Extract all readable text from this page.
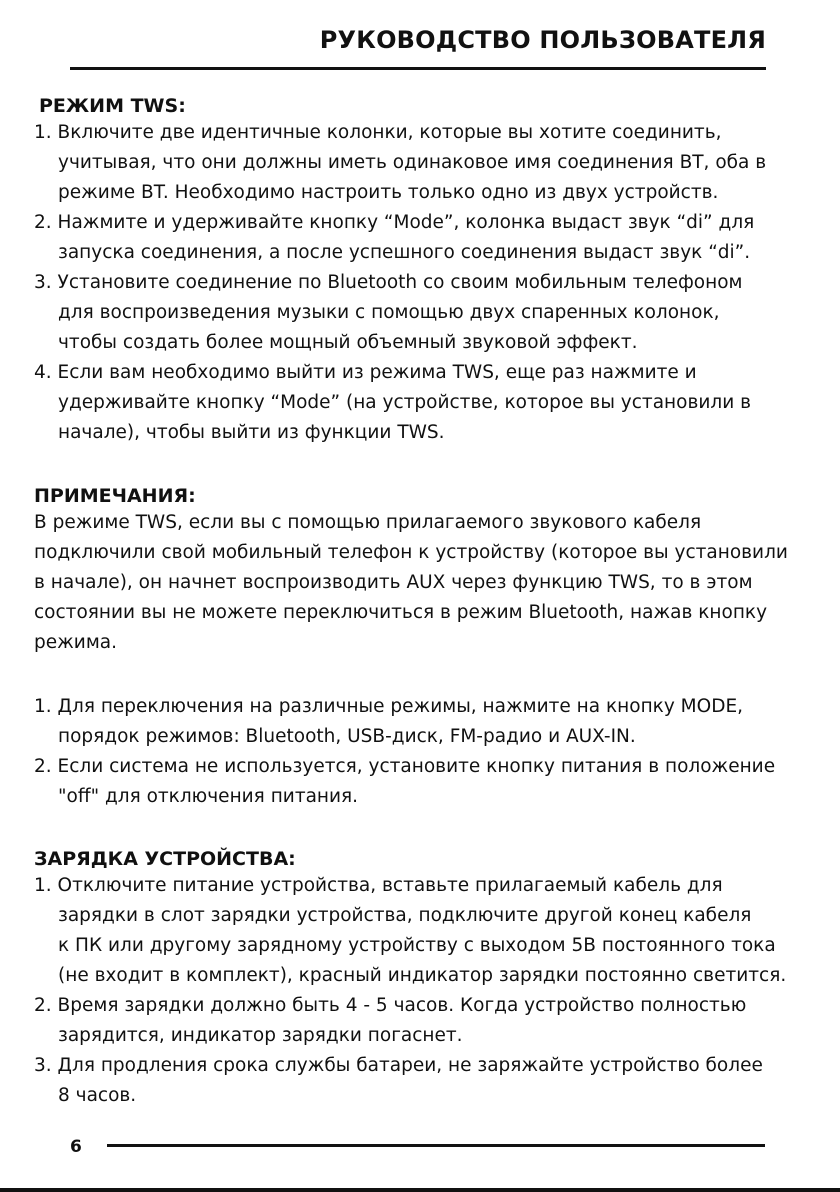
РУКОВОДСТВО ПОЛЬЗОВАТЕЛЯ
РЕЖИМ TWS:
1. Включите две идентичные колонки, которые вы хотите соединить,
учитывая, что они должны иметь одинаковое имя соединения BT, оба в
режиме BT. Необходимо настроить только одно из двух устройств.
2. Нажмите и удерживайте кнопку “Mode”, колонка выдаст звук “di” для
запуска соединения, а после успешного соединения выдаст звук “di”.
3. Установите соединение по Bluetooth со своим мобильным телефоном
для воспроизведения музыки с помощью двух спаренных колонок,
чтобы создать более мощный объемный звуковой эффект.
4. Если вам необходимо выйти из режима TWS, еще раз нажмите и
удерживайте кнопку “Mode” (на устройстве, которое вы установили в
начале), чтобы выйти из функции TWS.
ПРИМЕЧАНИЯ:
В режиме TWS, если вы с помощью прилагаемого звукового кабеля
подключили свой мобильный телефон к устройству (которое вы установили
в начале), он начнет воспроизводить AUX через функцию TWS, то в этом
состоянии вы не можете переключиться в режим Bluetooth, нажав кнопку
режима.
1. Для переключения на различные режимы, нажмите на кнопку MODE,
порядок режимов: Bluetooth, USB-диск, FM-радио и AUX-IN.
2. Если система не используется, установите кнопку питания в положение
"off" для отключения питания.
ЗАРЯДКА УСТРОЙСТВА:
1. Отключите питание устройства, вставьте прилагаемый кабель для
зарядки в слот зарядки устройства, подключите другой конец кабеля
к ПК или другому зарядному устройству с выходом 5В постоянного тока
(не входит в комплект), красный индикатор зарядки постоянно светится.
2. Время зарядки должно быть 4 - 5 часов. Когда устройство полностью
зарядится, индикатор зарядки погаснет.
3. Для продления срока службы батареи, не заряжайте устройство более
8 часов.
6
